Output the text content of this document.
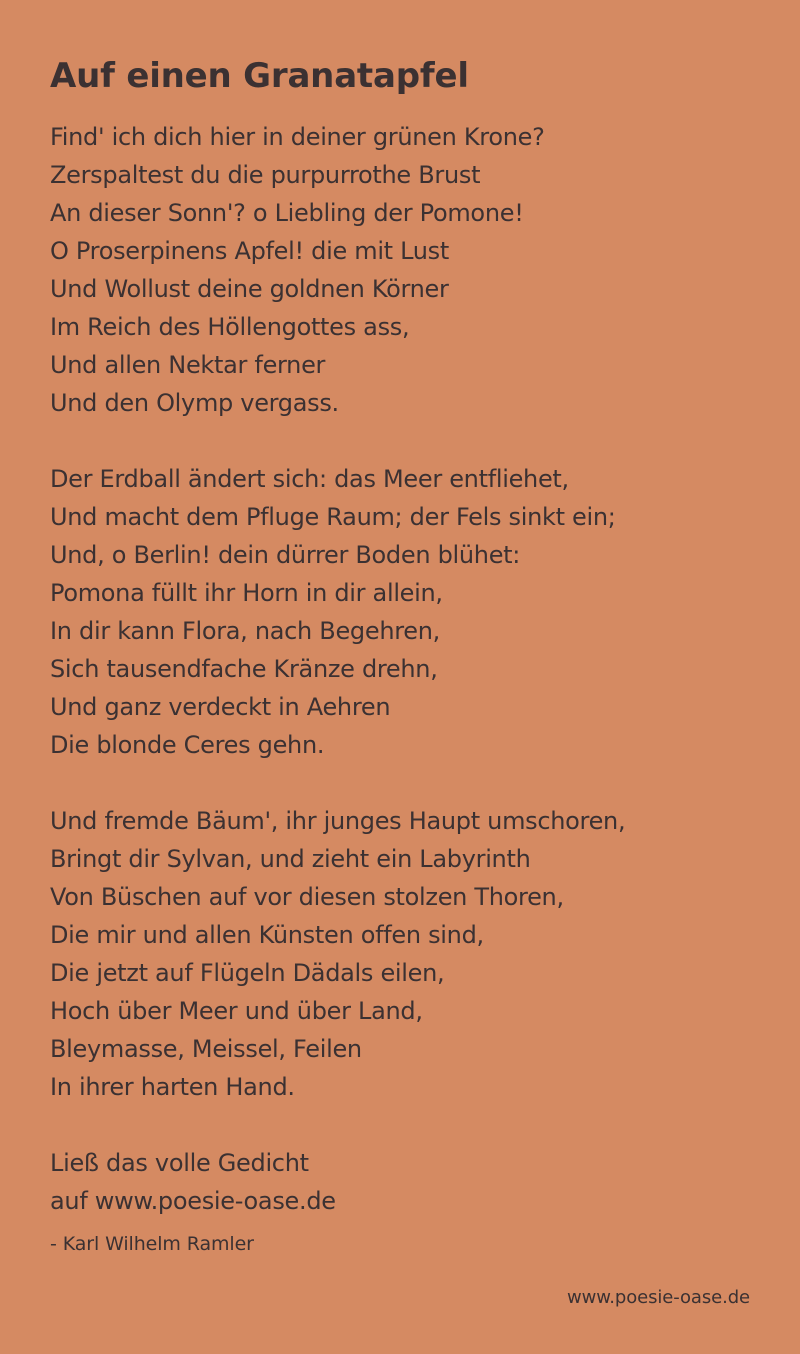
Auf einen Granatapfel
Find' ich dich hier in deiner grünen Krone?
Zerspaltest du die purpurrothe Brust
An dieser Sonn'? o Liebling der Pomone!
O Proserpinens Apfel! die mit Lust
Und Wollust deine goldnen Körner
Im Reich des Höllengottes ass,
Und allen Nektar ferner
Und den Olymp vergass.
Der Erdball ändert sich: das Meer entfliehet,
Und macht dem Pfluge Raum; der Fels sinkt ein;
Und, o Berlin! dein dürrer Boden blühet:
Pomona füllt ihr Horn in dir allein,
In dir kann Flora, nach Begehren,
Sich tausendfache Kränze drehn,
Und ganz verdeckt in Aehren
Die blonde Ceres gehn.
Und fremde Bäum', ihr junges Haupt umschoren,
Bringt dir Sylvan, und zieht ein Labyrinth
Von Büschen auf vor diesen stolzen Thoren,
Die mir und allen Künsten offen sind,
Die jetzt auf Flügeln Dädals eilen,
Hoch über Meer und über Land,
Bleymasse, Meissel, Feilen
In ihrer harten Hand.
Ließ das volle Gedicht
auf www.poesie-oase.de
- Karl Wilhelm Ramler
www.poesie-oase.de
